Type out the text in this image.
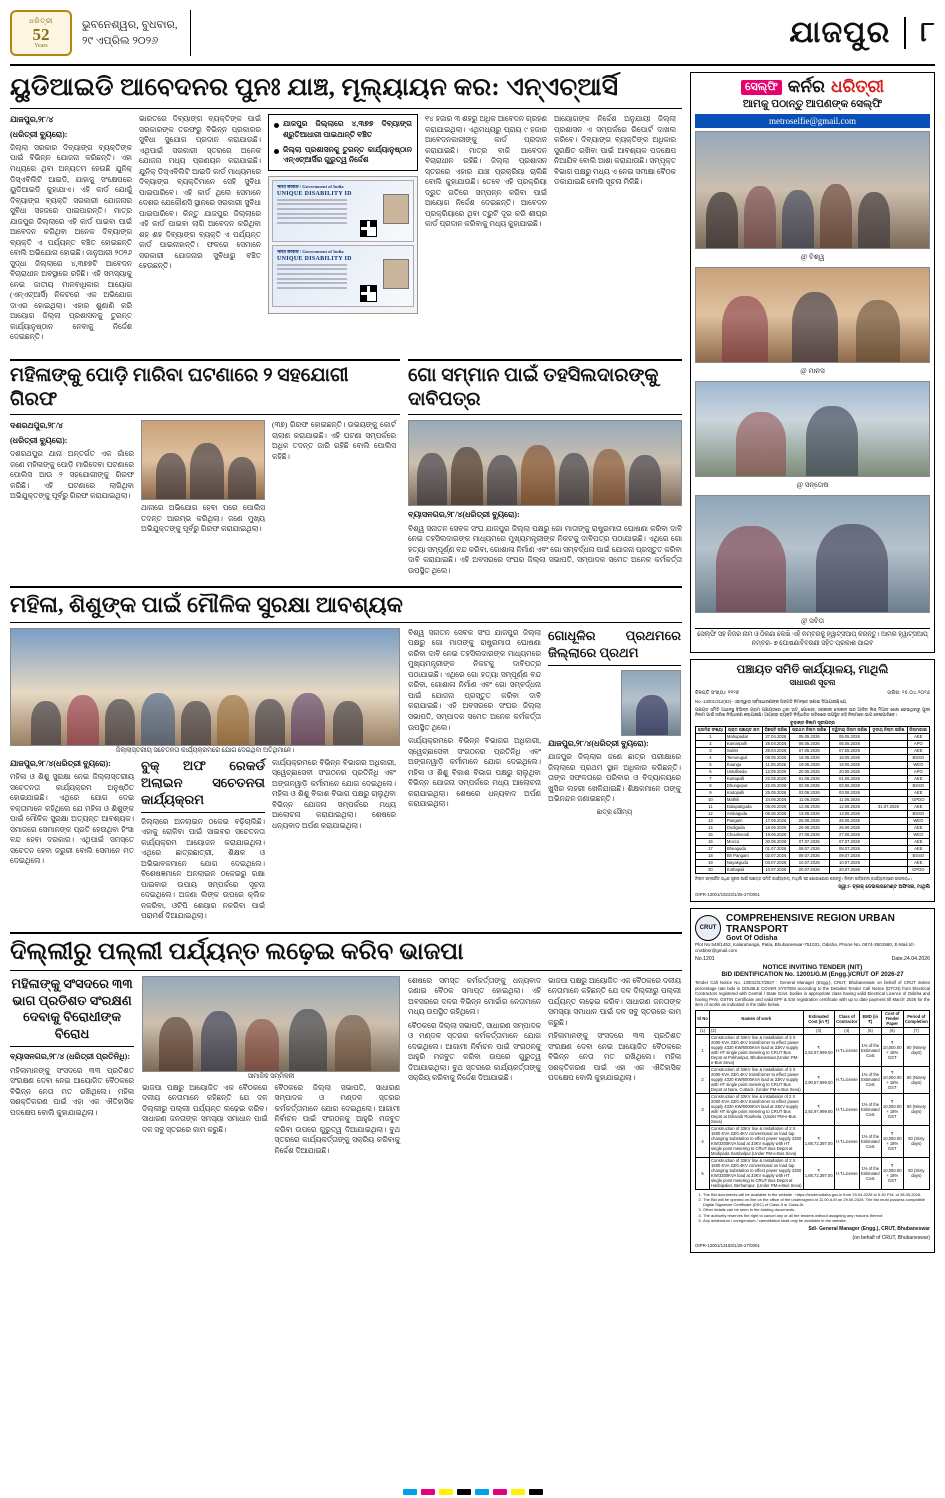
ଧରିତ୍ରୀ
52
Years
ଭୁବନେଶ୍ୱର, ବୁଧବାର,
୨୯ ଏପ୍ରିଲ ୨୦୨୬	ଯାଜପୁର	୮
ୟୁଡିଆଇଡି ଆବେଦନର ପୁନଃ ଯାଞ୍ଚ, ମୂଲ୍ୟାୟନ କର: ଏନ୍ଏଚ୍ଆର୍ସି

ଯାଜପୁର,୨୮/୪

(ଧରିତ୍ରୀ ବ୍ୟୁରୋ):

ଜିଲ୍ଲା ସରକାର ଦିବ୍ୟାଙ୍ଗ ବ୍ୟକ୍ତିଙ୍କ ପାଇଁ ବିଭିନ୍ନ ଯୋଜନା କରିଛନ୍ତି। ଏହା ମଧ୍ୟରେ ଥିବା ଅନ୍ୟତମ ହେଉଛି ଯୁନିକ୍ ଡିସ୍ଏବିଲିଟି ଆଇଡି, ଯାହାକୁ ସଂକ୍ଷେପରେ ୟୁଡିଆଇଡି କୁହାଯାଏ। ଏହି କାର୍ଡ ଯୋଗୁଁ ଦିବ୍ୟାଙ୍ଗ ବ୍ୟକ୍ତି ସରକାରୀ ଯୋଜନାର ସୁବିଧା ସହଜରେ ପାଇପାରନ୍ତି। ମାତ୍ର ଯାଜପୁର ଜିଲ୍ଲାରେ ଏହି କାର୍ଡ ପାଇବା ପାଇଁ ଆବେଦନ କରିଥିବା ଅନେକ ଦିବ୍ୟାଙ୍ଗ ବ୍ୟକ୍ତି ଏ ପର୍ଯ୍ୟନ୍ତ ବଞ୍ଚିତ ହୋଇଛନ୍ତି ବୋଲି ଅଭିଯୋଗ ହୋଇଛି। ଜାନୁଆରୀ ୨୦୨୬ ସୁଦ୍ଧା ଜିଲ୍ଲାରେ ୪,୩୭୭ଟି ଆବେଦନ ବିଚାରାଧୀନ ଅବସ୍ଥାରେ ରହିଛି। ଏହି ସମସ୍ୟାକୁ ନେଇ ଜାତୀୟ ମାନବାଧିକାର ଆୟୋଗ (ଏନ୍ଏଚ୍ଆର୍ସି) ନିକଟରେ ଏକ ଅଭିଯୋଗ ଦାଏର ହୋଇଥିଲା। ଏହାର ଶୁଣାଣି କରି ଆୟୋଗ ଜିଲ୍ଲା ପ୍ରଶାସନକୁ ତୁରନ୍ତ କାର୍ଯ୍ୟାନୁଷ୍ଠାନ ନେବାକୁ ନିର୍ଦ୍ଦେଶ ଦେଇଛନ୍ତି।

ଭାରତରେ ଦିବ୍ୟାଙ୍ଗ ବ୍ୟକ୍ତିଙ୍କ ପାଇଁ ସରକାରଙ୍କ ତରଫରୁ ବିଭିନ୍ନ ପ୍ରକାରର ସୁବିଧା ସୁଯୋଗ ପ୍ରଦାନ କରାଯାଉଛି। ଏଥିପାଇଁ ସରକାରୀ ସ୍ତରରେ ଅନେକ ଯୋଜନା ମଧ୍ୟ ପ୍ରଣୟନ କରାଯାଇଛି। ଯୁନିକ୍ ଡିସ୍ଏବିଲିଟି ଆଇଡି କାର୍ଡ ମାଧ୍ୟମରେ ଦିବ୍ୟାଙ୍ଗ ବ୍ୟକ୍ତିମାନେ ସେହି ସୁବିଧା ପାଇପାରିବେ। ଏହି କାର୍ଡ ଥିଲେ ସେମାନେ ଦେଶର ଯେକୌଣସି ସ୍ଥାନରେ ସରକାରୀ ସୁବିଧା ପାଇପାରିବେ। କିନ୍ତୁ ଯାଜପୁର ଜିଲ୍ଲାରେ ଏହି କାର୍ଡ ପାଇବା ଲାଗି ଆବେଦନ କରିଥିବା ଶହ ଶହ ଦିବ୍ୟାଙ୍ଗ ବ୍ୟକ୍ତି ଏ ପର୍ଯ୍ୟନ୍ତ କାର୍ଡ ପାଇନାହାନ୍ତି। ଫଳରେ ସେମାନେ ସରକାରୀ ଯୋଜନାର ସୁବିଧାରୁ ବଞ୍ଚିତ ହେଉଛନ୍ତି।

ଯାଜପୁର ଜିଲ୍ଲାରେ ୪,୩୭୭ ଦିବ୍ୟାଙ୍ଗ ଶ୍ରୁତିଆଧାରୀ ପାଇଥାନ୍ତି ବଞ୍ଚିତ
ଜିଲ୍ଲା ପ୍ରଶାସନକୁ ତୁରନ୍ତ କାର୍ଯ୍ୟାନୁଷ୍ଠାନ ଏନ୍ଏଚ୍ଆର୍ସିର ଗୁରୁତ୍ୱ ନିର୍ଦ୍ଦେଶ
भारत सरकार / Government of India
UNIQUE DISABILITY ID
भारत सरकार / Government of India
UNIQUE DISABILITY ID

୧୪ ହଜାର ୩ ଶହରୁ ଅଧିକ ଆବେଦନ ଗ୍ରହଣ କରାଯାଇଥିଲା। ଏଥିମଧ୍ୟରୁ ପ୍ରାୟ ୯ ହଜାର ଆବେଦନକାରୀଙ୍କୁ କାର୍ଡ ପ୍ରଦାନ କରାଯାଇଛି। ମାତ୍ର ବାକି ଆବେଦନ ବିଚାରାଧୀନ ରହିଛି। ଜିଲ୍ଲା ପ୍ରଶାସନ ସ୍ତରରେ ଏହାର ଯାଞ୍ଚ ପ୍ରକ୍ରିୟା ଚାଲିଛି ବୋଲି କୁହାଯାଉଛି। ତେବେ ଏହି ପ୍ରକ୍ରିୟା ଦ୍ରୁତ ଗତିରେ ସମ୍ପନ୍ନ କରିବା ପାଇଁ ଆୟୋଗ ନିର୍ଦ୍ଦେଶ ଦେଇଛନ୍ତି। ଆବେଦନ ପ୍ରକ୍ରିୟାରେ ଥିବା ତ୍ରୁଟି ଦୂର କରି ଶୀଘ୍ର କାର୍ଡ ପ୍ରଦାନ କରିବାକୁ ମଧ୍ୟ କୁହାଯାଇଛି।

ଆୟୋଗଙ୍କ ନିର୍ଦ୍ଦେଶ ଅନୁଯାୟୀ ଜିଲ୍ଲା ପ୍ରଶାସନ ଏ ସମ୍ପର୍କରେ ରିପୋର୍ଟ ଦାଖଲ କରିବେ। ଦିବ୍ୟାଙ୍ଗ ବ୍ୟକ୍ତିଙ୍କ ଅଧିକାର ସୁରକ୍ଷିତ ରଖିବା ପାଇଁ ଆବଶ୍ୟକ ପଦକ୍ଷେପ ନିଆଯିବ ବୋଲି ଆଶା କରାଯାଉଛି। ସମ୍ପୃକ୍ତ ବିଭାଗ ପକ୍ଷରୁ ମଧ୍ୟ ଏ ନେଇ ସମୀକ୍ଷା ବୈଠକ ଡକାଯାଇଛି ବୋଲି ସୂଚନା ମିଳିଛି।

ମହିଳାଙ୍କୁ ପୋଡ଼ି ମାରିବା ଘଟଣାରେ ୨ ସହଯୋଗୀ ଗିରଫ

ଦଶରଥପୁର,୨୮/୪

(ଧରିତ୍ରୀ ବ୍ୟୁରୋ):

ଦଶରଥପୁର ଥାନା ଅନ୍ତର୍ଗତ ଏକ ଗାଁରେ ଜଣେ ମହିଳାଙ୍କୁ ପୋଡ଼ି ମାରିଦେବା ଘଟଣାରେ ପୋଲିସ ଆଉ ୨ ସହଯୋଗୀଙ୍କୁ ଗିରଫ କରିଛି। ଏହି ଘଟଣାରେ ଲାଗିଥିବା ଅଭିଯୁକ୍ତଙ୍କୁ ପୂର୍ବରୁ ଗିରଫ କରାଯାଇଥିଲା।

ଥାନାରେ ଅଭିଯୋଗ ହେବା ପରେ ପୋଲିସ ତଦନ୍ତ ଆରମ୍ଭ କରିଥିଲା। ଜଣେ ମୁଖ୍ୟ ଅଭିଯୁକ୍ତଙ୍କୁ ପୂର୍ବରୁ ଗିରଫ କରାଯାଇଥିଲା।

(୩୭) ଗିରଫ ହୋଇଛନ୍ତି। ଉଭୟଙ୍କୁ କୋର୍ଟ ଚାଲାଣ କରାଯାଇଛି। ଏହି ଘଟଣା ସମ୍ପର୍କରେ ଅଧିକ ତଦନ୍ତ ଜାରି ରହିଛି ବୋଲି ପୋଲିସ କହିଛି।

ଗୋ ସମ୍ମାନ ପାଇଁ ତହସିଲଦାରଙ୍କୁ ଦାବିପତ୍ର

ବ୍ୟାସନଗର,୨୮/୪(ଧରିତ୍ରୀ ବ୍ୟୁରୋ):

ବିଶ୍ୱ ସନାତନ ସେବକ ସଂଘ ଯାଜପୁର ଜିଲ୍ଲା ପକ୍ଷରୁ ଗୋ ମାତାଙ୍କୁ ରାଷ୍ଟ୍ରମାତା ଘୋଷଣା କରିବା ଦାବି ନେଇ ତହସିଲଦାରଙ୍କ ମାଧ୍ୟମରେ ମୁଖ୍ୟମନ୍ତ୍ରୀଙ୍କ ନିକଟକୁ ଦାବିପତ୍ର ପଠାଯାଇଛି। ଏଥିରେ ଗୋ ହତ୍ୟା ସମ୍ପୂର୍ଣ୍ଣ ବନ୍ଦ କରିବା, ଗୋଶାଳା ନିର୍ମାଣ ଏବଂ ଗୋ ସମ୍ବର୍ଦ୍ଧନା ପାଇଁ ଯୋଜନା ପ୍ରସ୍ତୁତ କରିବା ଦାବି କରାଯାଇଛି। ଏହି ଅବସରରେ ସଂଘର ଜିଲ୍ଲା ସଭାପତି, ସମ୍ପାଦକ ସମେତ ଅନେକ କର୍ମକର୍ତ୍ତା ଉପସ୍ଥିତ ଥିଲେ।

ମହିଳା, ଶିଶୁଙ୍କ ପାଇଁ ମୌଳିକ ସୁରକ୍ଷା ଆବଶ୍ୟକ
ଜିଲ୍ଲାସ୍ତରୀୟ ସଚେତନତା କାର୍ଯ୍ୟକ୍ରମରେ ଯୋଗ ଦେଇଥିବା ଅତିଥିମାନେ।

ଯାଜପୁର,୨୮/୪(ଧରିତ୍ରୀ ବ୍ୟୁରୋ):

ମହିଳା ଓ ଶିଶୁ ସୁରକ୍ଷା ନେଇ ଜିଲ୍ଲାସ୍ତରୀୟ ସଚେତନତା କାର୍ଯ୍ୟକ୍ରମ ଅନୁଷ୍ଠିତ ହୋଇଯାଇଛି। ଏଥିରେ ଯୋଗ ଦେଇ ବକ୍ତାମାନେ କହିଥିଲେ ଯେ ମହିଳା ଓ ଶିଶୁଙ୍କ ପାଇଁ ମୌଳିକ ସୁରକ୍ଷା ଅତ୍ୟନ୍ତ ଆବଶ୍ୟକ। ସମାଜରେ ସେମାନଙ୍କ ପ୍ରତି ହେଉଥିବା ହିଂସା ବନ୍ଦ ହେବା ଦରକାର। ଏଥିପାଇଁ ସମସ୍ତେ ସଚେତନ ହେବା ଜରୁରୀ ବୋଲି ସେମାନେ ମତ ଦେଇଥିଲେ।

ବୁକ୍ ଅଫ ରେକର୍ଡ ଅଲାଇନ ସଚେତନତା କାର୍ଯ୍ୟକ୍ରମ

ଜିଲ୍ଲାରେ ଅନଲାଇନ ଠକେଇ ବଢ଼ିଚାଲିଛି। ଏହାକୁ ରୋକିବା ପାଇଁ ସାଇବର ସଚେତନତା କାର୍ଯ୍ୟକ୍ରମ ଆୟୋଜନ କରାଯାଇଥିଲା। ଏଥିରେ ଛାତ୍ରଛାତ୍ରୀ, ଶିକ୍ଷକ ଓ ଅଭିଭାବକମାନେ ଯୋଗ ଦେଇଥିଲେ। ବିଶେଷଜ୍ଞମାନେ ଅନଲାଇନ ଠକେଇରୁ ରକ୍ଷା ପାଇବାର ଉପାୟ ସମ୍ପର୍କରେ ସୂଚନା ଦେଇଥିଲେ। ଅଜଣା ଲିଙ୍କ ଉପରେ କ୍ଲିକ ନକରିବା, ଓଟିପି ଶେୟାର ନକରିବା ପାଇଁ ପରାମର୍ଶ ଦିଆଯାଇଥିଲା।

କାର୍ଯ୍ୟକ୍ରମରେ ବିଭିନ୍ନ ବିଭାଗର ଅଧିକାରୀ, ସ୍ୱେଚ୍ଛାସେବୀ ସଂଗଠନର ପ୍ରତିନିଧି ଏବଂ ଅଙ୍ଗନୱାଡ଼ି କର୍ମୀମାନେ ଯୋଗ ଦେଇଥିଲେ। ମହିଳା ଓ ଶିଶୁ ବିକାଶ ବିଭାଗ ପକ୍ଷରୁ ଚାଲୁଥିବା ବିଭିନ୍ନ ଯୋଜନା ସମ୍ପର୍କରେ ମଧ୍ୟ ଆଲୋଚନା କରାଯାଇଥିଲା। ଶେଷରେ ଧନ୍ୟବାଦ ଅର୍ପଣ କରାଯାଇଥିଲା।

ବିଶ୍ୱ ସନାତନ ସେବକ ସଂଘ ଯାଜପୁର ଜିଲ୍ଲା ପକ୍ଷରୁ ଗୋ ମାତାଙ୍କୁ ରାଷ୍ଟ୍ରମାତା ଘୋଷଣା କରିବା ଦାବି ନେଇ ତହସିଲଦାରଙ୍କ ମାଧ୍ୟମରେ ମୁଖ୍ୟମନ୍ତ୍ରୀଙ୍କ ନିକଟକୁ ଦାବିପତ୍ର ପଠାଯାଇଛି। ଏଥିରେ ଗୋ ହତ୍ୟା ସମ୍ପୂର୍ଣ୍ଣ ବନ୍ଦ କରିବା, ଗୋଶାଳା ନିର୍ମାଣ ଏବଂ ଗୋ ସମ୍ବର୍ଦ୍ଧନା ପାଇଁ ଯୋଜନା ପ୍ରସ୍ତୁତ କରିବା ଦାବି କରାଯାଇଛି। ଏହି ଅବସରରେ ସଂଘର ଜିଲ୍ଲା ସଭାପତି, ସମ୍ପାଦକ ସମେତ ଅନେକ କର୍ମକର୍ତ୍ତା ଉପସ୍ଥିତ ଥିଲେ।

କାର୍ଯ୍ୟକ୍ରମରେ ବିଭିନ୍ନ ବିଭାଗର ଅଧିକାରୀ, ସ୍ୱେଚ୍ଛାସେବୀ ସଂଗଠନର ପ୍ରତିନିଧି ଏବଂ ଅଙ୍ଗନୱାଡ଼ି କର୍ମୀମାନେ ଯୋଗ ଦେଇଥିଲେ। ମହିଳା ଓ ଶିଶୁ ବିକାଶ ବିଭାଗ ପକ୍ଷରୁ ଚାଲୁଥିବା ବିଭିନ୍ନ ଯୋଜନା ସମ୍ପର୍କରେ ମଧ୍ୟ ଆଲୋଚନା କରାଯାଇଥିଲା। ଶେଷରେ ଧନ୍ୟବାଦ ଅର୍ପଣ କରାଯାଇଥିଲା।

ଗୋଧୂଳିର ପ୍ରଥମରେ ଜିଲ୍ଲାରେ ପ୍ରଥମ

ଯାଜପୁର,୨୮/୪(ଧରିତ୍ରୀ ବ୍ୟୁରୋ):

ଯାଜପୁର ଜିଲ୍ଲାର ଜଣେ ଛାତ୍ର ପରୀକ୍ଷାରେ ଜିଲ୍ଲାରେ ପ୍ରଥମ ସ୍ଥାନ ଅଧିକାର କରିଛନ୍ତି। ତାଙ୍କ ସଫଳତାରେ ପରିବାର ଓ ବିଦ୍ୟାଳୟରେ ଖୁସିର ଲହରୀ ଖେଳିଯାଇଛି। ଶିକ୍ଷକମାନେ ତାଙ୍କୁ ଅଭିନନ୍ଦନ ଜଣାଇଛନ୍ତି।

ଛାତ୍ର ସୌମ୍ୟ
ଦିଲ୍ଲୀରୁ ପଲ୍ଲୀ ପର୍ଯ୍ୟନ୍ତ ଲଢ଼େଇ କରିବ ଭାଜପା
ମହିଳାଙ୍କୁ ସଂସଦରେ ୩୩ ଭାଗ ପ୍ରତିଶତ ସଂରକ୍ଷଣ ଦେବାକୁ ବିରୋଧୀଙ୍କ ବିରୋଧ

ବ୍ୟାସନଗର,୨୮/୪ (ଧରିତ୍ରୀ ପ୍ରତିନିଧି):

ମହିଳାମାନଙ୍କୁ ସଂସଦରେ ୩୩ ପ୍ରତିଶତ ସଂରକ୍ଷଣ ଦେବା ନେଇ ଆୟୋଜିତ ବୈଠକରେ ବିଭିନ୍ନ ନେତା ମତ ରଖିଥିଲେ। ମହିଳା ସଶକ୍ତିକରଣ ପାଇଁ ଏହା ଏକ ଐତିହାସିକ ପଦକ୍ଷେପ ବୋଲି କୁହାଯାଇଥିଲା।

ସାମାଜିକ ସମ୍ମିଳନୀ

ଭାଜପା ପକ୍ଷରୁ ଆୟୋଜିତ ଏକ ବୈଠକରେ ଦଳୀୟ ନେତାମାନେ କହିଛନ୍ତି ଯେ ଦଳ ଦିଲ୍ଲୀରୁ ପଲ୍ଲୀ ପର୍ଯ୍ୟନ୍ତ ଲଢ଼େଇ କରିବ। ସାଧାରଣ ଜନତାଙ୍କ ସମସ୍ୟା ସମାଧାନ ପାଇଁ ଦଳ ସବୁ ସ୍ତରରେ କାମ କରୁଛି।

ବୈଠକରେ ଜିଲ୍ଲା ସଭାପତି, ସାଧାରଣ ସମ୍ପାଦକ ଓ ମଣ୍ଡଳ ସ୍ତରର କର୍ମକର୍ତ୍ତାମାନେ ଯୋଗ ଦେଇଥିଲେ। ଆଗାମୀ ନିର୍ବାଚନ ପାଇଁ ସଂଗଠନକୁ ଆହୁରି ମଜବୁତ କରିବା ଉପରେ ଗୁରୁତ୍ୱ ଦିଆଯାଇଥିଲା। ବୁଥ ସ୍ତରରେ କାର୍ଯ୍ୟକର୍ତ୍ତାଙ୍କୁ ସକ୍ରିୟ କରିବାକୁ ନିର୍ଦ୍ଦେଶ ଦିଆଯାଇଛି।

ଶେଷରେ ସମସ୍ତ କର୍ମକର୍ତ୍ତାଙ୍କୁ ଧନ୍ୟବାଦ ଜଣାଇ ବୈଠକ ସମାପ୍ତ ହୋଇଥିଲା। ଏହି ଅବସରରେ ଦଳର ବିଭିନ୍ନ ମୋର୍ଚ୍ଚାର ନେତାମାନେ ମଧ୍ୟ ଉପସ୍ଥିତ ରହିଥିଲେ।

ବୈଠକରେ ଜିଲ୍ଲା ସଭାପତି, ସାଧାରଣ ସମ୍ପାଦକ ଓ ମଣ୍ଡଳ ସ୍ତରର କର୍ମକର୍ତ୍ତାମାନେ ଯୋଗ ଦେଇଥିଲେ। ଆଗାମୀ ନିର୍ବାଚନ ପାଇଁ ସଂଗଠନକୁ ଆହୁରି ମଜବୁତ କରିବା ଉପରେ ଗୁରୁତ୍ୱ ଦିଆଯାଇଥିଲା। ବୁଥ ସ୍ତରରେ କାର୍ଯ୍ୟକର୍ତ୍ତାଙ୍କୁ ସକ୍ରିୟ କରିବାକୁ ନିର୍ଦ୍ଦେଶ ଦିଆଯାଇଛି।

ଭାଜପା ପକ୍ଷରୁ ଆୟୋଜିତ ଏକ ବୈଠକରେ ଦଳୀୟ ନେତାମାନେ କହିଛନ୍ତି ଯେ ଦଳ ଦିଲ୍ଲୀରୁ ପଲ୍ଲୀ ପର୍ଯ୍ୟନ୍ତ ଲଢ଼େଇ କରିବ। ସାଧାରଣ ଜନତାଙ୍କ ସମସ୍ୟା ସମାଧାନ ପାଇଁ ଦଳ ସବୁ ସ୍ତରରେ କାମ କରୁଛି।

ମହିଳାମାନଙ୍କୁ ସଂସଦରେ ୩୩ ପ୍ରତିଶତ ସଂରକ୍ଷଣ ଦେବା ନେଇ ଆୟୋଜିତ ବୈଠକରେ ବିଭିନ୍ନ ନେତା ମତ ରଖିଥିଲେ। ମହିଳା ସଶକ୍ତିକରଣ ପାଇଁ ଏହା ଏକ ଐତିହାସିକ ପଦକ୍ଷେପ ବୋଲି କୁହାଯାଇଥିଲା।

ସେଲ୍ଫି କର୍ନର ଧରିତ୍ରୀ
ଆମକୁ ପଠାନ୍ତୁ ଆପଣଙ୍କ ସେଲ୍ଫି
metroselfie@gmail.com
@ ବିଶ୍ୱ
@ ମାନସ
@ ସନ୍ତୋଷ
@ ସବିତା
ସେଲ୍ଫି ସହ ନିଜର ନାମ ଓ ଠିକଣା ଲେଖି ଏହି ନମ୍ବରକୁ ହ୍ୱାଟ୍ସଆପ୍ କରନ୍ତୁ। ଆମର ହ୍ୱାଟ୍ସଆପ୍ ନମ୍ବର- ୭ ଘୋଷଣାବିବରଣୀ ସହିତ ପ୍ରକାଶ ପାଇବ
ପଞ୍ଚାୟତ ସମିତି କାର୍ଯ୍ୟାଳୟ, ମାଥିଲି
ସାଧାରଣ ସୂଚନା
ବିଜ୍ଞପ୍ତି ସଂଖ୍ୟା: ୧୧୨୭	ତାରିଖ: ୨୫.୦୪.୨୦୨୬
No.-13001/312(82)- ଏହାଦ୍ୱାରା ସର୍ବସାଧାରଣଙ୍କ ଅବଗତି ନିମନ୍ତେ ଜଣାଇ ଦିଆଯାଉଛି ଯେ,
ପଞ୍ଚାୟତ ସମିତି ଅଧୀନସ୍ଥ ବିଭିନ୍ନ ଗ୍ରାମ ପଞ୍ଚାୟତରେ ଥିବା ହାଟ, ପୋଖରୀ, ସରକାରୀ ଦୋକାନ ଘର ଆଦିର ଲିଜ୍ ମିଆଦ ଶେଷ ହୋଇଥିବାରୁ ପୁନଃ ନିଲାମ ପାଇଁ ତାରିଖ ନିର୍ଦ୍ଧାରଣ କରାଯାଇଛି। ଆଗ୍ରହୀ ବ୍ୟକ୍ତି ନିର୍ଦ୍ଧାରିତ ତାରିଖରେ ଉପସ୍ଥିତ ରହି ନିଲାମରେ ଭାଗ ନେଇପାରିବେ।
ଚୂଡ଼ାନ୍ତ ନିଲାମ ସୂଚୀପତ୍ର
କ୍ରମିକ ସଂଖ୍ୟା	ଗ୍ରାମ ପଞ୍ଚାୟତ ନାମ	ବିଜ୍ଞପ୍ତି ତାରିଖ	ପ୍ରଥମ ନିଲାମ ତାରିଖ	ଦ୍ୱିତୀୟ ନିଲାମ ତାରିଖ	ତୃତୀୟ ନିଲାମ ତାରିଖ	ନିଲାମକାରୀ
1	Mahupadar	27.04.2026	05.05.2026	05.05.2026		AEE
2	Kamarpalli	28.04.2026	06.05.2026	06.05.2026		APO
3	Salimi	29.04.2026	07.05.2026	07.05.2026		AEE
4	Temuruguli	08.05.2026	18.05.2026	18.05.2026		BSSO
5	Kuanga	11.05.2026	19.05.2026	19.05.2026		WEO
6	Ustulibeda	12.05.2026	20.05.2026	20.05.2026		APO
7	Kartapalli	22.05.2026	01.06.2026	01.06.2026		AEE
8	Dhungeput	22.05.2026	02.06.2026	02.06.2026		BSSO
9	Kodopalli	25.05.2026	03.06.2026	03.06.2026		AEE
10	Mathili	24.06.2026	11.06.2026	11.06.2026		GPDO
11	Dalapatiguda	05.06.2026	12.06.2026	12.06.2026	31.07.2026	AEE
12	Ambaguda	06.06.2026	13.06.2026	13.06.2026		BSSO
13	Pangam	17.06.2026	25.06.2026	25.06.2026		WEO
14	Dodiguda	18.06.2026	26.06.2026	26.06.2026		AEE
15	Chuulmendi	19.06.2026	27.06.2026	27.06.2026		WEO
16	Mocca	30.06.2026	07.07.2026	07.07.2026		AEE
17	Bheaguda	01.07.2026	08.07.2026	08.07.2026		AEE
18	Bh Pangam	02.07.2026	09.07.2026	09.07.2026		BSSO
19	Nayakguda	03.07.2026	10.07.2026	10.07.2026		AEE
20	Kothapali	10.07.2026	20.07.2026	20.07.2026		GPDO
ନିଲାମ ସମ୍ପର୍କିତ ଅଧିକ ସୂଚନା ପାଇଁ ପଞ୍ଚାୟତ ସମିତି କାର୍ଯ୍ୟାଳୟ, ମାଥିଲି ସହ ଯୋଗାଯୋଗ କରନ୍ତୁ। ନିଲାମ ସର୍ତ୍ତାବଳୀ କାର୍ଯ୍ୟାଳୟରେ ଉପଲବ୍ଧ।
ସ୍ୱା:/- ବ୍ଲକ୍ ଡେଭଲପମେଣ୍ଟ ଅଫିସର, ମାଥିଲି
OIPR-13001/19223/1/26-27/0001
CRUT
COMPREHENSIVE REGION URBAN TRANSPORT
Govt Of Odisha
Plot No 548/1452, Kalarahanga, Patia, Bhubaneswar-751031, Odisha, Phone No. 0674-3501580, E-Mail Id:-crutbbsr@gmail.com
No.1201	Date.24.04.2026
NOTICE INVITING TENDER (NIT)
BID IDENTIFICATION No. 12001/G.M (Engg.)/CRUT OF 2026-27
Tender Call Notice No. 13001/317/2627 : General Manager (Engg.), CRUT, Bhubaneswar on behalf of CRUT invites percentage rate bids in DOUBLE COVER SYSTEM according to the Detailed Tender Call Notice (DTCN) from Electrical Contractors registered with Central / State Govt. bodies in appropriate class having valid Electrical Licence of Odisha and having PAN, GSTIN Certificate and valid EPF & ESI registration certificate with up to date payment till March' 2026 for the item of works as indicated in the table below.
Sl No	Names of work	Estimated Cost (in ₹)	Class of Contractor	EMD (in ₹)	Cost of Tender Paper	Period of Completion
(1)	(2)	(3)	(4)	(5)	(6)	(7)
1	Construction of 33KV line & Installation of 3 X 2000 KVA 33/0.4KV transformer to effect power supply 4320 KW/6000KVA load at 33KV supply with HT single point metering to CRUT Bus Depot at Pokhariput, Bhubaneswar.(Under PM-e-Bus Seva)	₹ 2,92,97,999.00	H.T.License	1% of the Estimated Cost	₹ 10,000.00 + 18% GST	90 (Ninety days)
2	Construction of 33KV line & Installation of 3 X 2000 KVA 33/0.4KV transformer to effect power supply 4320 KW/6000KVA load at 33KV supply with HT single point metering to CRUT Bus Depot at Nara, Cuttack. (Under PM-e-Bus Seva)	₹ 2,90,57,999.00	H.T.License	1% of the Estimated Cost	₹ 10,000.00 + 18% GST	90 (Ninety days)
3	Construction of 33KV line & installation of 2 X 2000 KVA 33/0.4KV transformer to effect power supply 4320 KW/6000KVA load at 33KV supply with HT single point metering to CRUT Bus Depot at Dihanoli Rourkela. (Under PM-e-Bus Seva)	₹ 2,92,97,999.00	H.T.License	1% of the Estimated Cost	₹ 10,000.00 + 18% GST	90 (Ninety days)
4	Construction of 33KV line & Installation of 2 X 1600 KVA 33/0.4KV conventional on load tap changing Substation to effect power supply 2300 KW/3200KVA load at 33KV supply with HT single point metering to CRUT Bus Depot at Modipada Sambalpur.(Under PM-e-Bus Seva)	₹ 1,68,72,397.00	H.T.License	1% of the Estimated Cost	₹ 10,000.00 + 18% GST	60 (Sixty days)
5	Construction of 33KV line & Installation of 2 X 1600 KVA 33/0.4KV conventional on load tap changing Substation to effect power supply 2300 KW/3200KVA load at 33KV supply with HT single point metering to CRUT Bus Depot at Hatibipalier, Berhampur. (Under PM-e-Bus Seva)	₹ 1,68,72,397.00	H.T.License	1% of the Estimated Cost	₹ 10,000.00 + 18% GST	60 (Sixty days)
1. The Bid documents will be available in the website : https://tenderodisha.gov.in from 29.04.2026 to 5.30 P.M. of 28.05.2026.
2. The Bid will be opened on line on the office of the undersigned at 11.00 A.M on 29.05.2026. The bid must possess compatible Digital Signature Certificate (DSC) of Class-II or Class-III.
3. Other details can be seen in the bidding documents.
4. The authority reserves the right to cancel any or all the tenders without assigning any reasons thereof.
5. Any addendum / corrigendum / cancellation shall only be available in the website.
Sd/- General Manager (Engg.), CRUT, Bhubaneswar
(on behalf of CRUT, Bhubaneswar)
OIPR-13001/13183/1/26-27/0001
